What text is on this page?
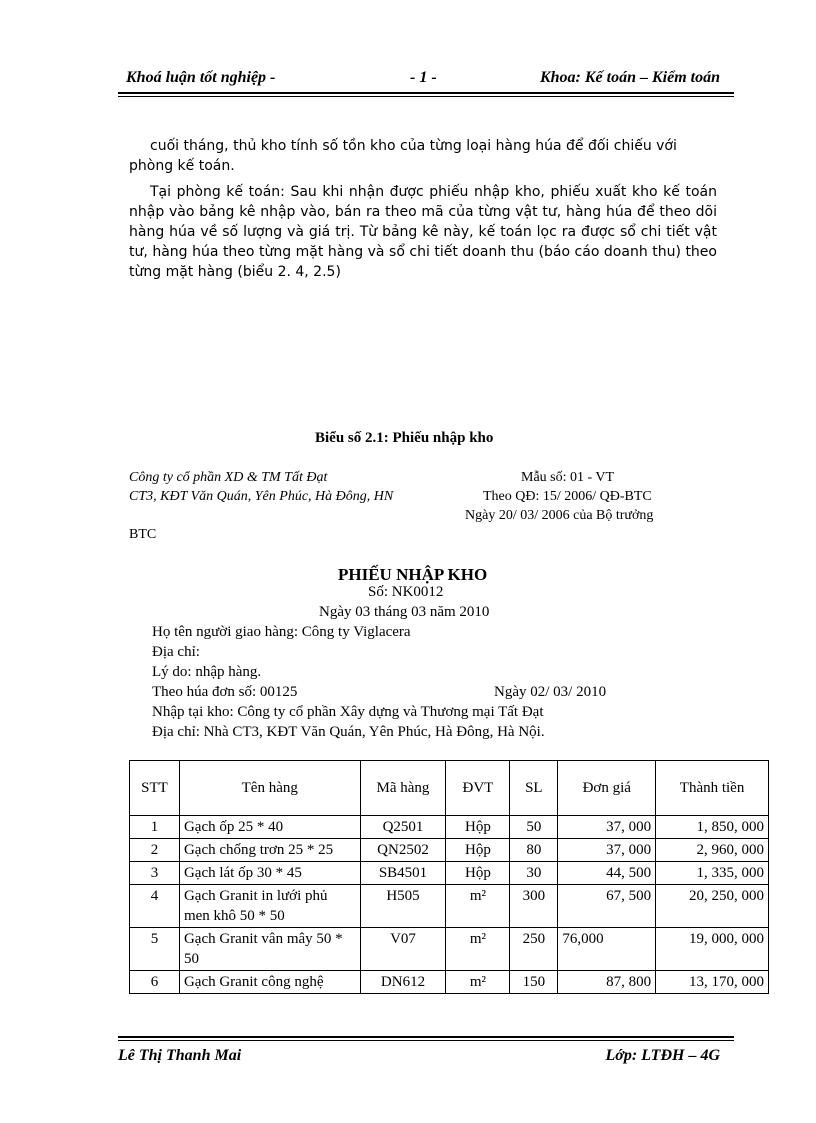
Khoá luận tốt nghiệp -	- 1 -	Khoa: Kế toán – Kiểm toán
cuối tháng, thủ kho tính số tồn kho của từng loại hàng húa để đối chiếu với
phòng kế toán.
Tại phòng kế toán: Sau khi nhận được phiếu nhập kho, phiếu xuất kho kế toán nhập vào bảng kê nhập vào, bán ra theo mã của từng vật tư, hàng húa để theo dõi hàng húa về số lượng và giá trị. Từ bảng kê này, kế toán lọc ra được sổ chi tiết vật tư, hàng húa theo từng mặt hàng và sổ chi tiết doanh thu (báo cáo doanh thu) theo từng mặt hàng (biểu 2. 4, 2.5)
Biểu số 2.1: Phiếu nhập kho
Công ty cổ phần XD & TM Tất Đạt
CT3, KĐT Văn Quán, Yên Phúc, Hà Đông, HN
Mẫu số: 01 - VT
Theo QĐ: 15/ 2006/ QĐ-BTC
Ngày 20/ 03/ 2006 của Bộ trưởng
BTC
PHIẾU NHẬP KHO
Số: NK0012
Ngày 03 tháng 03 năm 2010
Họ tên người giao hàng: Công ty Viglacera
Địa chỉ:
Lý do: nhập hàng.
Theo húa đơn số: 00125	Ngày 02/ 03/ 2010
Nhập tại kho: Công ty cổ phần Xây dựng và Thương mại Tất Đạt
Địa chỉ: Nhà CT3, KĐT Văn Quán, Yên Phúc, Hà Đông, Hà Nội.
STT	Tên hàng	Mã hàng	ĐVT	SL	Đơn giá	Thành tiền
1	Gạch ốp 25 * 40	Q2501	Hộp	50	37, 000	1, 850, 000
2	Gạch chống trơn 25 * 25	QN2502	Hộp	80	37, 000	2, 960, 000
3	Gạch lát ốp 30 * 45	SB4501	Hộp	30	44, 500	1, 335, 000
4	Gạch Granit in lưới phủ men khô 50 * 50	H505	m²	300	67, 500	20, 250, 000
5	Gạch Granit vân mây 50 * 50	V07	m²	250	76,000	19, 000, 000
6	Gạch Granit công nghệ	DN612	m²	150	87, 800	13, 170, 000
Lê Thị Thanh Mai	Lớp: LTĐH – 4G
